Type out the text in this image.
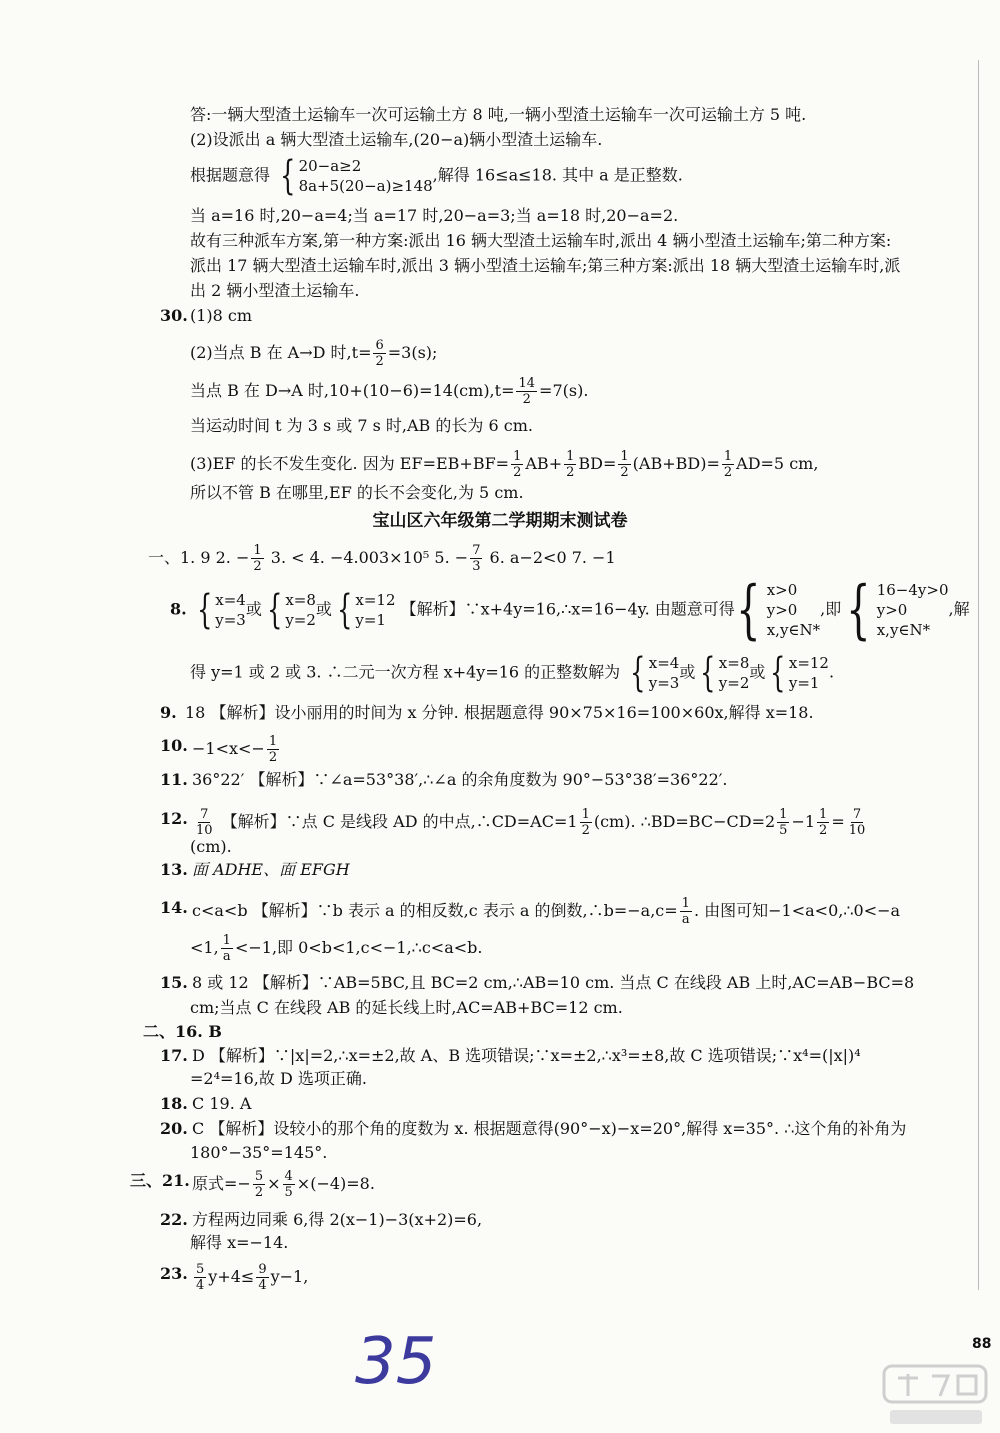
答:一辆大型渣土运输车一次可运输土方 8 吨,一辆小型渣土运输车一次可运输土方 5 吨.
(2)设派出 a 辆大型渣土运输车,(20−a)辆小型渣土运输车.
根据题意得 { 20−a≥2
8a+5(20−a)≥148
,解得 16≤a≤18. 其中 a 是正整数.
当 a=16 时,20−a=4;当 a=17 时,20−a=3;当 a=18 时,20−a=2.
故有三种派车方案,第一种方案:派出 16 辆大型渣土运输车时,派出 4 辆小型渣土运输车;第二种方案:
派出 17 辆大型渣土运输车时,派出 3 辆小型渣土运输车;第三种方案:派出 18 辆大型渣土运输车时,派
出 2 辆小型渣土运输车.
30. (1)8 cm
(2)当点 B 在 A→D 时$,t= \frac{6}{2} =3(s)$;
当点 B 在 D→A 时$,10+(10-6)=14(cm),t= \frac{14}{2} =7(s)$.
当运动时间 t 为 3 s 或 7 s 时,AB 的长为 6 cm.
(3)EF 的长不发生变化. 因为 $EF=EB+BF= \frac{1}{2} AB+ \frac{1}{2} BD= \frac{1}{2} (AB+BD)= \frac{1}{2} AD=5$ cm,
所以不管 B 在哪里,EF 的长不会变化,为 5 cm.
宝山区六年级第二学期期末测试卷
一、1. 9 2. − $\frac{1}{2} 3$. < 4. −4.003×10⁵ 5. − $\frac{7}{3} 6$. a−2<0 7. −1
8. { x=4
y=3
或 { x=8
y=2
或 { x=12
y=1
【解析】∵x+4y=16,∴x=16−4y. 由题意可得 { x>0
y>0
x,y∈N*
,即 { 16−4y>0
y>0
x,y∈N*
,解
得 y=1 或 2 或 3. ∴二元一次方程 x+4y=16 的正整数解为 { x=4
y=3
或 { x=8
y=2
或 { x=12
y=1
.
9. 18 【解析】设小丽用的时间为 x 分钟. 根据题意得 90×75×16=100×60x,解得 x=18.
10. $-1<x<- \frac{1}{2}$
11. 36°22′ 【解析】∵∠a=53°38′,∴∠a 的余角度数为 90°−53°38′=36°22′.
12. $\frac{7}{10}$ 【解析】∵点 C 是线段 AD 的中点,∴CD=AC=1 $\frac{1}{2} (cm)$. ∴BD=BC−CD=2 $\frac{1}{5} -1 \frac{1}{2} = \frac{7}{10}$
(cm).
13. 面 ADHE、面 EFGH
14. c<a<b 【解析】∵b 表示 a 的相反数,c 表示 a 的倒数,∴b=−a,c= $\frac{1}{a}$ . 由图可知−1<a<0,∴0<−a
<1, $\frac{1}{a} <-1$,即 0<b<1,c<−1,∴c<a<b.
15. 8 或 12 【解析】∵AB=5BC,且 BC=2 cm,∴AB=10 cm. 当点 C 在线段 AB 上时,AC=AB−BC=8
cm;当点 C 在线段 AB 的延长线上时,AC=AB+BC=12 cm.
二、16. B
17. D 【解析】∵|x|=2,∴x=±2,故 A、B 选项错误;∵x=±2,∴x³=±8,故 C 选项错误;∵x⁴=(|x|)⁴
=2⁴=16,故 D 选项正确.
18. C 19. A
20. C 【解析】设较小的那个角的度数为 x. 根据题意得(90°−x)−x=20°,解得 x=35°. ∴这个角的补角为
180°−35°=145°.
三、21. 原式=− $\frac{5}{2} \times \frac{4}{5} \times(-4)=8$.
22. 方程两边同乘 6,得 2(x−1)−3(x+2)=6,
解得 x=−14.
23. $\frac{5}{4} y+4\le \frac{9}{4} y-1$,
35	88
